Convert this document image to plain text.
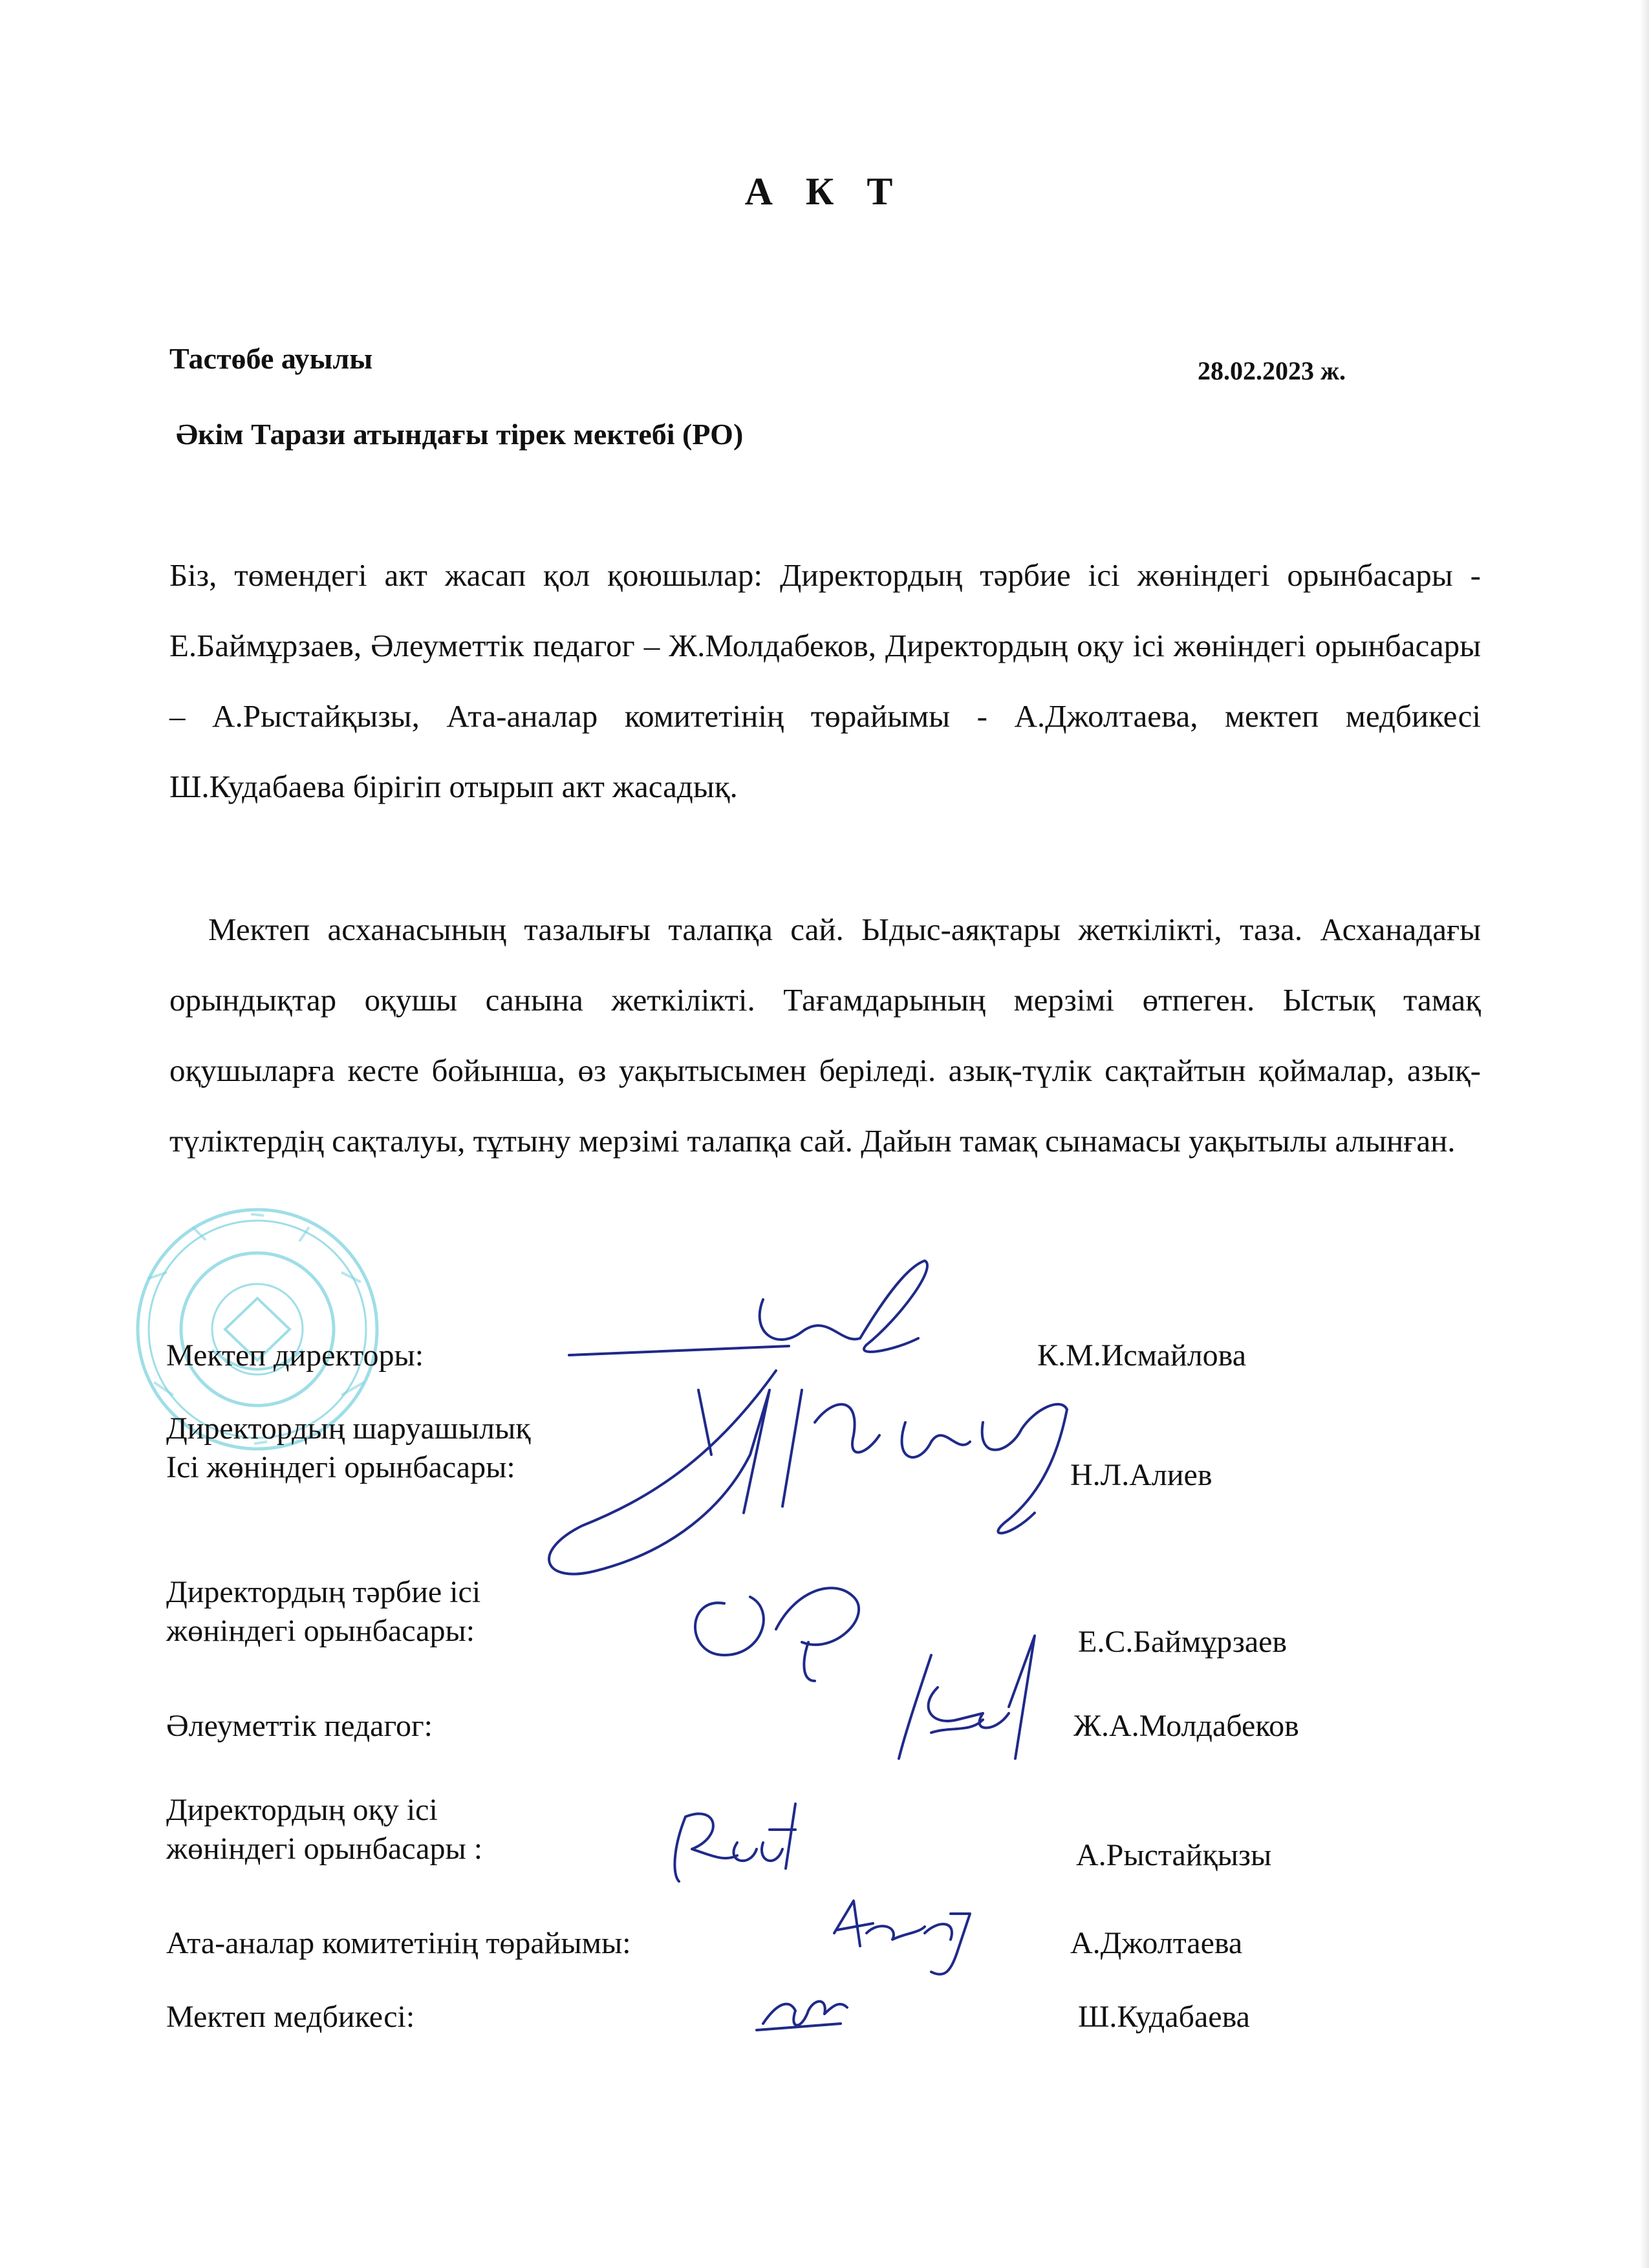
А К Т
Тастөбе ауылы	28.02.2023 ж.
Әкім Тарази атындағы тірек мектебі (РО)

Біз, төмендегі акт жасап қол қоюшылар: Директордың тәрбие ісі жөніндегі орынбасары - Е.Баймұрзаев, Әлеуметтік педагог – Ж.Молдабеков, Директордың оқу ісі жөніндегі орынбасары – А.Рыстайқызы, Ата-аналар комитетінің төрайымы - А.Джолтаева, мектеп медбикесі Ш.Кудабаева бірігіп отырып акт жасадық.

Мектеп асханасының тазалығы талапқа сай. Ыдыс-аяқтары жеткілікті, таза. Асханадағы орындықтар оқушы санына жеткілікті. Тағамдарының мерзімі өтпеген. Ыстық тамақ оқушыларға кесте бойынша, өз уақытысымен беріледі. азық-түлік сақтайтын қоймалар, азық-түліктердің сақталуы, тұтыну мерзімі талапқа сай. Дайын тамақ сынамасы уақытылы алынған.

Мектеп директоры:	К.М.Исмайлова
Директордың шаруашылық
Ісі жөніндегі орынбасары:	Н.Л.Алиев
Директордың тәрбие ісі
жөніндегі орынбасары:	Е.С.Баймұрзаев
Әлеуметтік педагог:	Ж.А.Молдабеков
Директордың оқу ісі
жөніндегі орынбасары :	А.Рыстайқызы
Ата-аналар комитетінің төрайымы:	А.Джолтаева
Мектеп медбикесі:	Ш.Кудабаева
